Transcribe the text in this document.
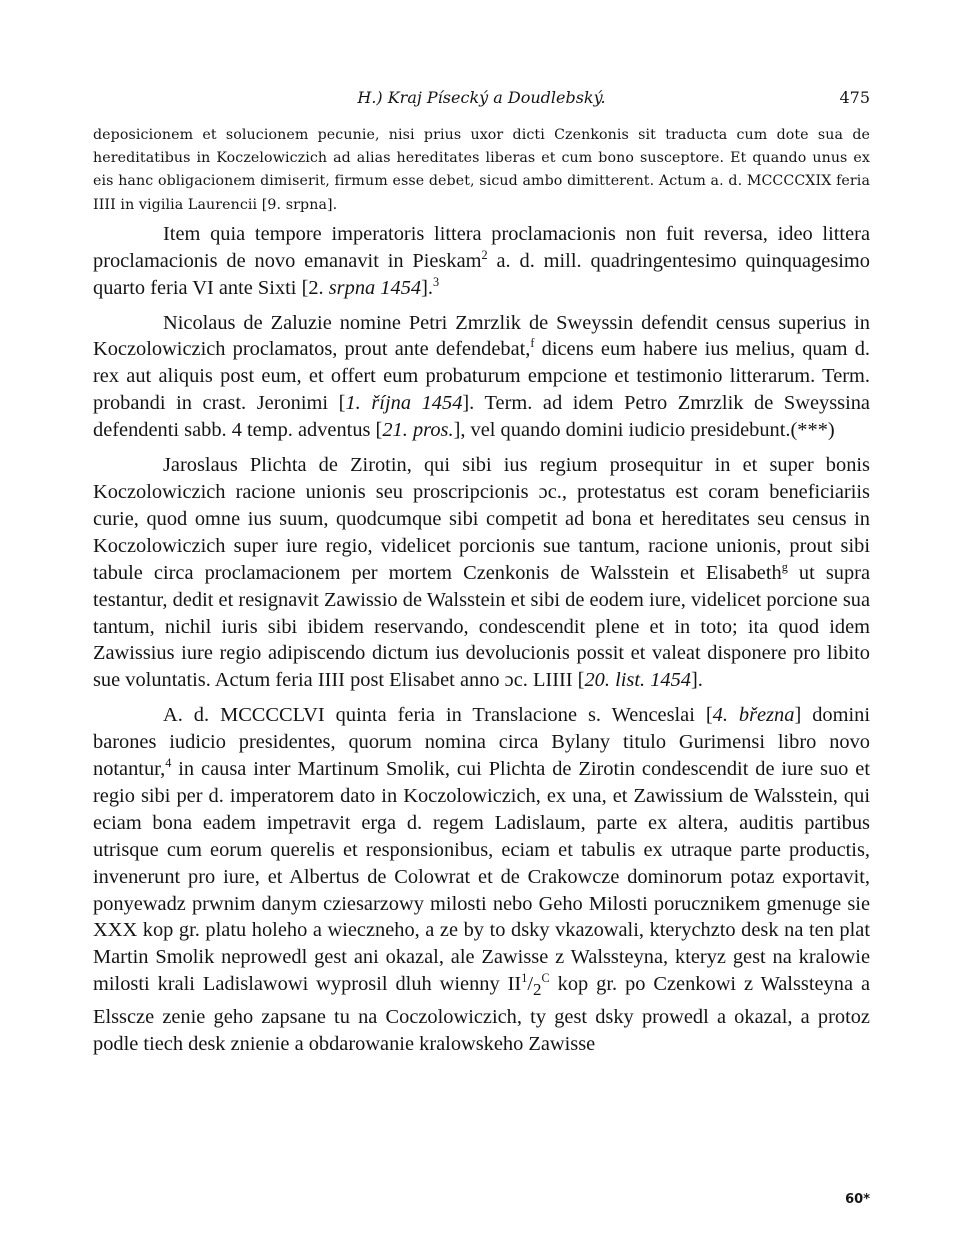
H.) Kraj Písecký a Doudlebský.	475

deposicionem et solucionem pecunie, nisi prius uxor dicti Czenkonis sit traducta cum dote sua de hereditatibus in Koczelowiczich ad alias hereditates liberas et cum bono susceptore. Et quando unus ex eis hanc obligacionem dimiserit, firmum esse debet, sicud ambo dimitterent. Actum a. d. MCCCCXIX feria IIII in vigilia Laurencii [9. srpna].

Item quia tempore imperatoris littera proclamacionis non fuit reversa, ideo littera proclamacionis de novo emanavit in Pieskam$^2$ a. d. mill. quadringentesimo quinquagesimo quarto feria VI ante Sixti [2. srpna 1454].$^3$

Nicolaus de Zaluzie nomine Petri Zmrzlik de Sweyssin defendit census superius in Koczolowiczich proclamatos, prout ante defendebat,$^f$ dicens eum habere ius melius, quam d. rex aut aliquis post eum, et offert eum probaturum empcione et testimonio litterarum. Term. probandi in crast. Jeronimi [1. října 1454]. Term. ad idem Petro Zmrzlik de Sweyssina defendenti sabb. 4 temp. adventus [21. pros.], vel quando domini iudicio presidebunt.(***)

Jaroslaus Plichta de Zirotin, qui sibi ius regium prosequitur in et super bonis Koczolowiczich racione unionis seu proscripcionis ɔc., protestatus est coram beneficiariis curie, quod omne ius suum, quodcumque sibi competit ad bona et hereditates seu census in Koczolowiczich super iure regio, videlicet porcionis sue tantum, racione unionis, prout sibi tabule circa proclamacionem per mortem Czenkonis de Walsstein et Elisabeth$^g$ ut supra testantur, dedit et resignavit Zawissio de Walsstein et sibi de eodem iure, videlicet porcione sua tantum, nichil iuris sibi ibidem reservando, condescendit plene et in toto; ita quod idem Zawissius iure regio adipiscendo dictum ius devolucionis possit et valeat disponere pro libito sue voluntatis. Actum feria IIII post Elisabet anno ɔc. LIIII [20. list. 1454].

A. d. MCCCCLVI quinta feria in Translacione s. Wenceslai [4. března] domini barones iudicio presidentes, quorum nomina circa Bylany titulo Gurimensi libro novo notantur,$^4$ in causa inter Martinum Smolik, cui Plichta de Zirotin condescendit de iure suo et regio sibi per d. imperatorem dato in Koczolowiczich, ex una, et Zawissium de Walsstein, qui eciam bona eadem impetravit erga d. regem Ladislaum, parte ex altera, auditis partibus utrisque cum eorum querelis et responsionibus, eciam et tabulis ex utraque parte productis, invenerunt pro iure, et Albertus de Colowrat et de Crakowcze dominorum potaz exportavit, ponyewadz prwnim danym cziesarzowy milosti nebo Geho Milosti porucznikem gmenuge sie XXX kop gr. platu holeho a wieczneho, a ze by to dsky vkazowali, kterychzto desk na ten plat Martin Smolik neprowedl gest ani okazal, ale Zawisse z Walssteyna, kteryz gest na kralowie milosti krali Ladislawowi wyprosil dluh wienny $II^1/_2^C$ kop gr. po Czenkowi z Walssteyna a Elsscze zenie geho zapsane tu na Coczolowiczich, ty gest dsky prowedl a okazal, a protoz podle tiech desk znienie a obdarowanie kralowskeho Zawisse

60*
